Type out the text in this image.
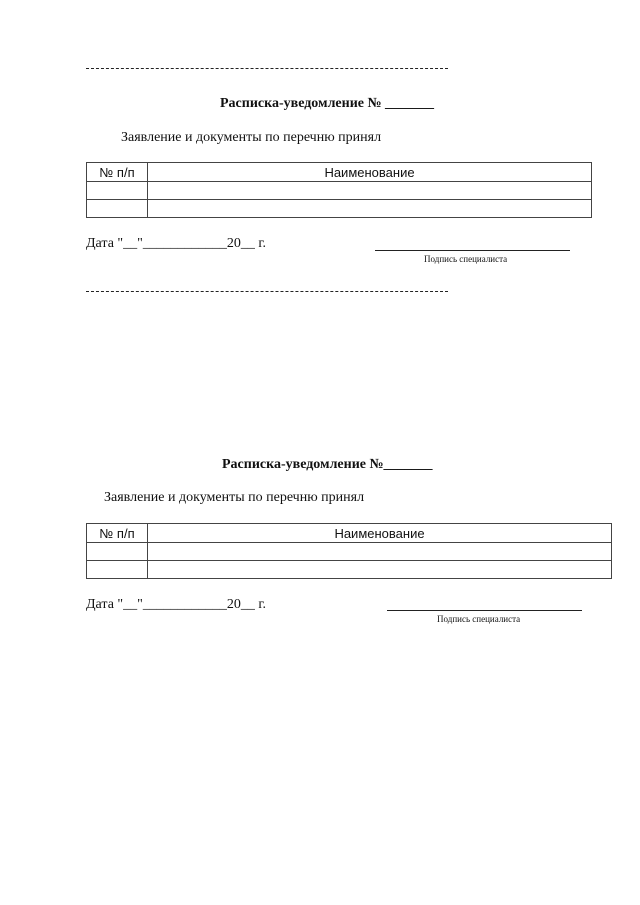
Расписка-уведомление № _______
Заявление и документы по перечню принял
№ п/п	Наименование

Дата "__"____________20__ г.
Подпись специалиста
Расписка-уведомление №_______
Заявление и документы по перечню принял
№ п/п	Наименование

Дата "__"____________20__ г.
Подпись специалиста
